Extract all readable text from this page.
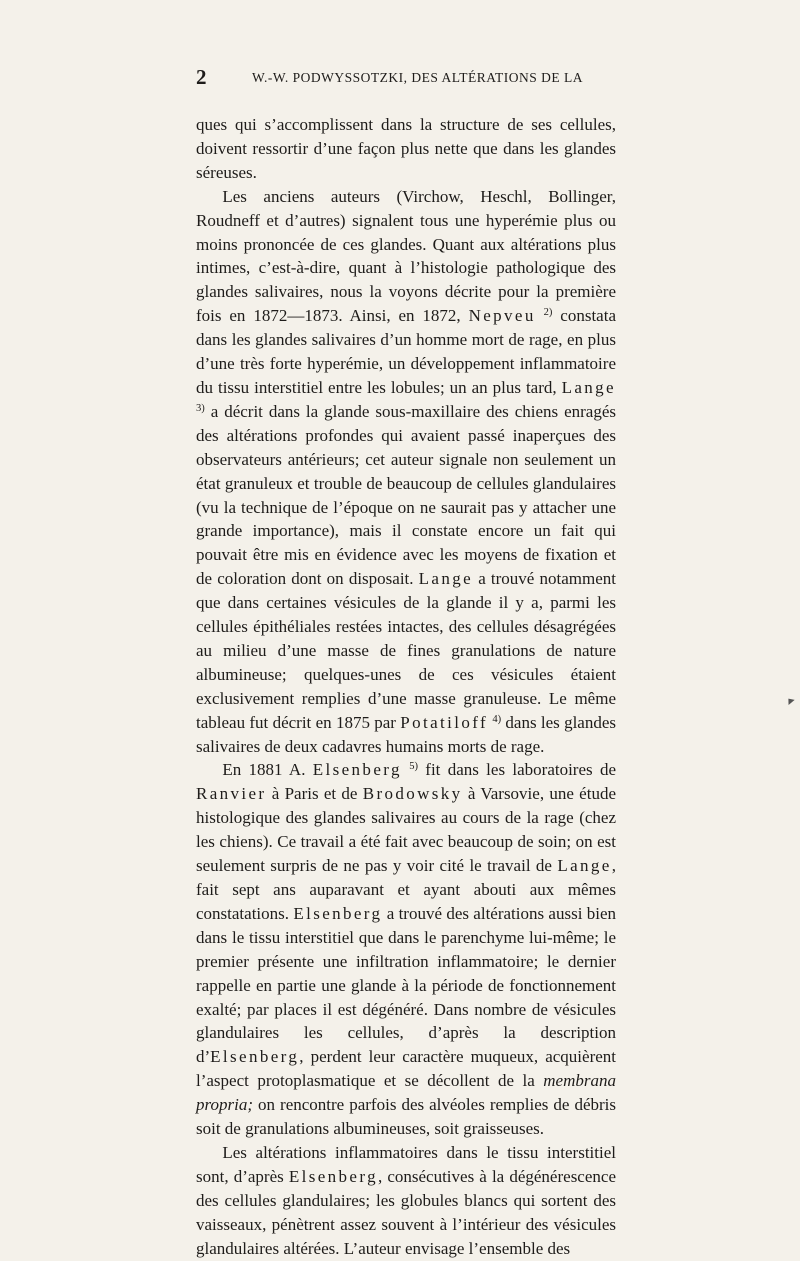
2	W.-W. PODWYSSOTZKI, DES ALTÉRATIONS DE LA

ques qui s’accomplissent dans la structure de ses cellules, doivent ressortir d’une façon plus nette que dans les glandes séreuses.

Les anciens auteurs (Virchow, Heschl, Bollinger, Roudneff et d’autres) signalent tous une hyperémie plus ou moins prononcée de ces glandes. Quant aux altérations plus intimes, c’est-à-dire, quant à l’histologie pathologique des glandes salivaires, nous la voyons décrite pour la première fois en 1872—1873. Ainsi, en 1872, Nepveu $^{2)}$ constata dans les glandes salivaires d’un homme mort de rage, en plus d’une très forte hyperémie, un développement inflammatoire du tissu interstitiel entre les lobules; un an plus tard, Lange $^{3)}$ a décrit dans la glande sous-maxillaire des chiens enragés des altérations profondes qui avaient passé inaperçues des observateurs antérieurs; cet auteur signale non seulement un état granuleux et trouble de beaucoup de cellules glandulaires (vu la technique de l’époque on ne saurait pas y attacher une grande importance), mais il constate encore un fait qui pouvait être mis en évidence avec les moyens de fixation et de coloration dont on disposait. Lange a trouvé notamment que dans certaines vésicules de la glande il y a, parmi les cellules épithéliales restées intactes, des cellules désagrégées au milieu d’une masse de fines granulations de nature albumineuse; quelques-unes de ces vésicules étaient exclusivement remplies d’une masse granuleuse. Le même tableau fut décrit en 1875 par Potatiloff $^{4)}$ dans les glandes salivaires de deux cadavres humains morts de rage.

En 1881 A. Elsenberg $^{5)}$ fit dans les laboratoires de Ranvier à Paris et de Brodowsky à Varsovie, une étude histologique des glandes salivaires au cours de la rage (chez les chiens). Ce travail a été fait avec beaucoup de soin; on est seulement surpris de ne pas y voir cité le travail de Lange, fait sept ans auparavant et ayant abouti aux mêmes constatations. Elsenberg a trouvé des altérations aussi bien dans le tissu interstitiel que dans le parenchyme lui-même; le premier présente une infiltration inflammatoire; le dernier rappelle en partie une glande à la période de fonctionnement exalté; par places il est dégénéré. Dans nombre de vésicules glandulaires les cellules, d’après la description d’Elsenberg, perdent leur caractère muqueux, acquièrent l’aspect protoplasmatique et se décollent de la membrana propria; on rencontre parfois des alvéoles remplies de débris soit de granulations albumineuses, soit graisseuses.

Les altérations inflammatoires dans le tissu interstitiel sont, d’après Elsenberg, consécutives à la dégénérescence des cellules glandulaires; les globules blancs qui sortent des vaisseaux, pénètrent assez souvent à l’intérieur des vésicules glandulaires altérées. L’auteur envisage l’ensemble des
